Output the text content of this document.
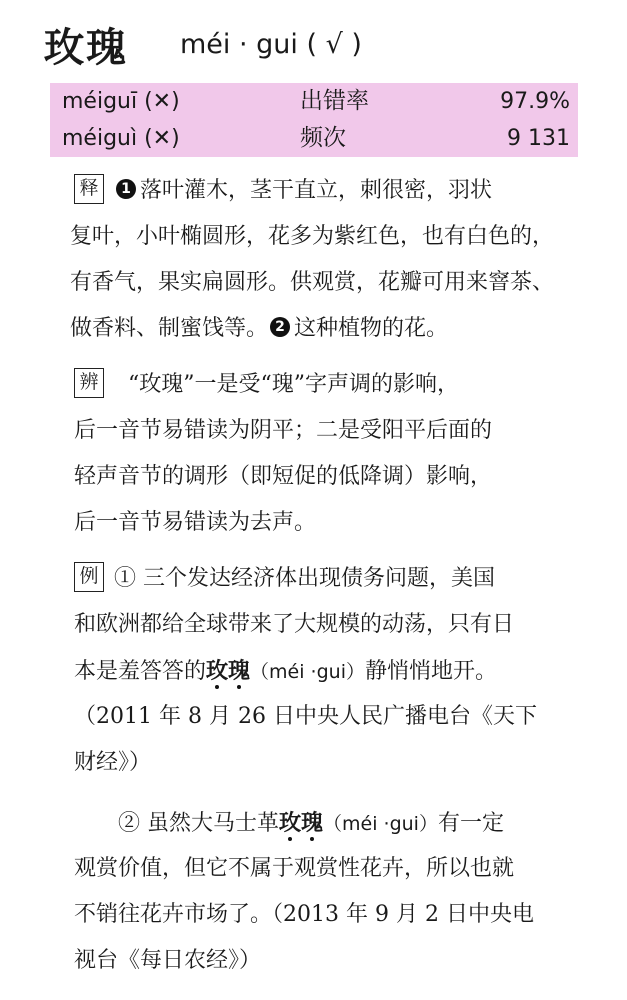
玫瑰 méi · gui ( √ )
méiguī (✕)	出错率	97.9%
méiguì (✕)	频次	9 131
释 1 落叶灌木，茎干直立，刺很密，羽状
复叶，小叶椭圆形，花多为紫红色，也有白色的，
有香气，果实扁圆形。供观赏，花瓣可用来窨茶、
做香料、制蜜饯等。 2 这种植物的花。
辨 “玫瑰”一是受“瑰”字声调的影响，
后一音节易错读为阴平；二是受阳平后面的
轻声音节的调形（即短促的低降调）影响，
后一音节易错读为去声。
例 ① 三个发达经济体出现债务问题，美国
和欧洲都给全球带来了大规模的动荡，只有日
本是羞答答的玫瑰
（méi ·gui）静悄悄地开。
（2011 年 8 月 26 日中央人民广播电台《天下
财经》）
② 虽然大马士革玫瑰
（méi ·gui）有一定
观赏价值，但它不属于观赏性花卉，所以也就
不销往花卉市场了。（2013 年 9 月 2 日中央电
视台《每日农经》）
